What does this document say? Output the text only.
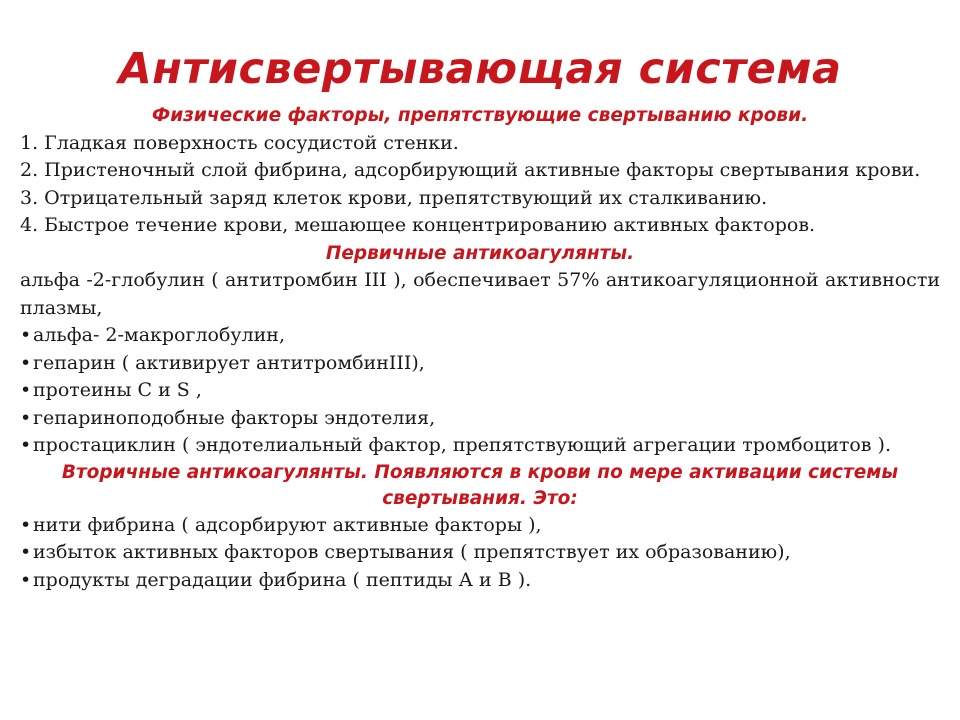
Антисвертывающая система
Физические факторы, препятствующие свертыванию крови.
1. Гладкая поверхность сосудистой стенки.
2. Пристеночный слой фибрина, адсорбирующий активные факторы свертывания крови.
3. Отрицательный заряд клеток крови, препятствующий их сталкиванию.
4. Быстрое течение крови, мешающее концентрированию активных факторов.
Первичные антикоагулянты.
альфа -2-глобулин ( антитромбин III ), обеспечивает 57% антикоагуляционной активности плазмы,
• альфа- 2-макроглобулин,
• гепарин ( активирует антитромбинIII),
• протеины С и S ,
• гепариноподобные факторы эндотелия,
• простациклин ( эндотелиальный фактор, препятствующий агрегации тромбоцитов ).
Вторичные антикоагулянты. Появляются в крови по мере активации системы свертывания. Это:
• нити фибрина ( адсорбируют активные факторы ),
• избыток активных факторов свертывания ( препятствует их образованию),
• продукты деградации фибрина ( пептиды А и В ).
